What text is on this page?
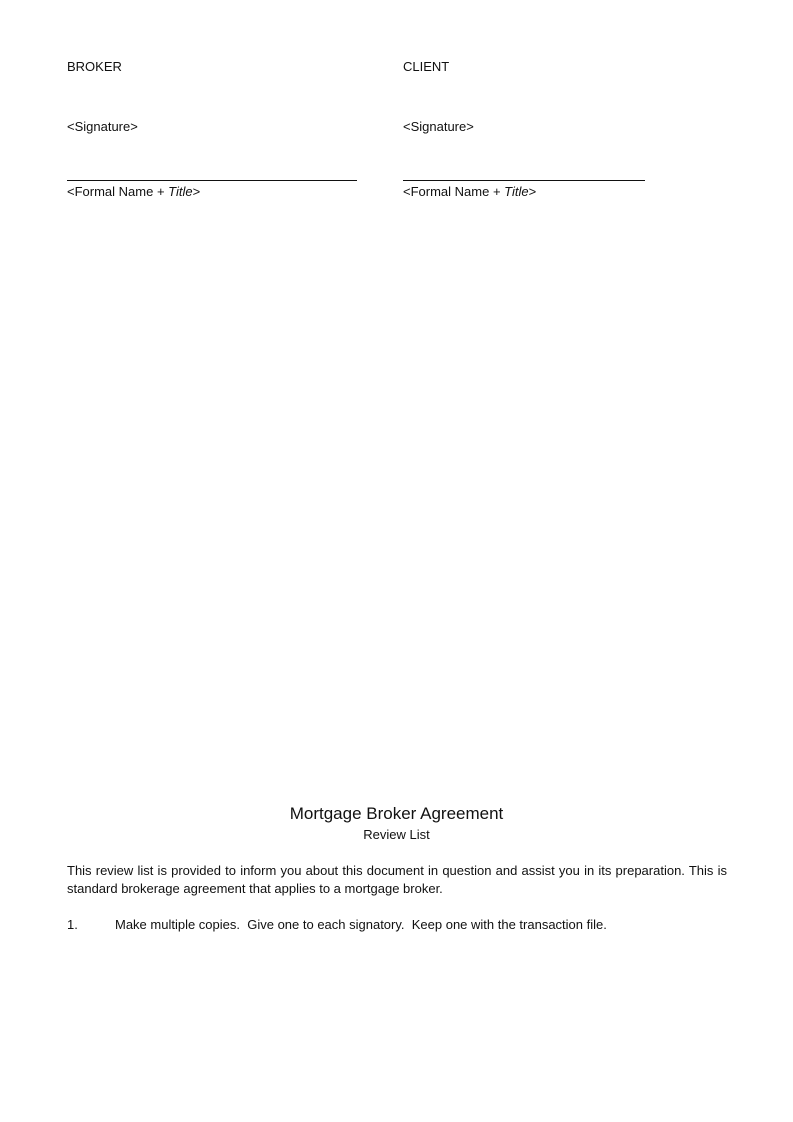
BROKER
<Signature>
<Formal Name + Title>
CLIENT
<Signature>
<Formal Name + Title>
Mortgage Broker Agreement
Review List
This review list is provided to inform you about this document in question and assist you in its preparation. This is standard brokerage agreement that applies to a mortgage broker.
1.	Make multiple copies.  Give one to each signatory.  Keep one with the transaction file.
